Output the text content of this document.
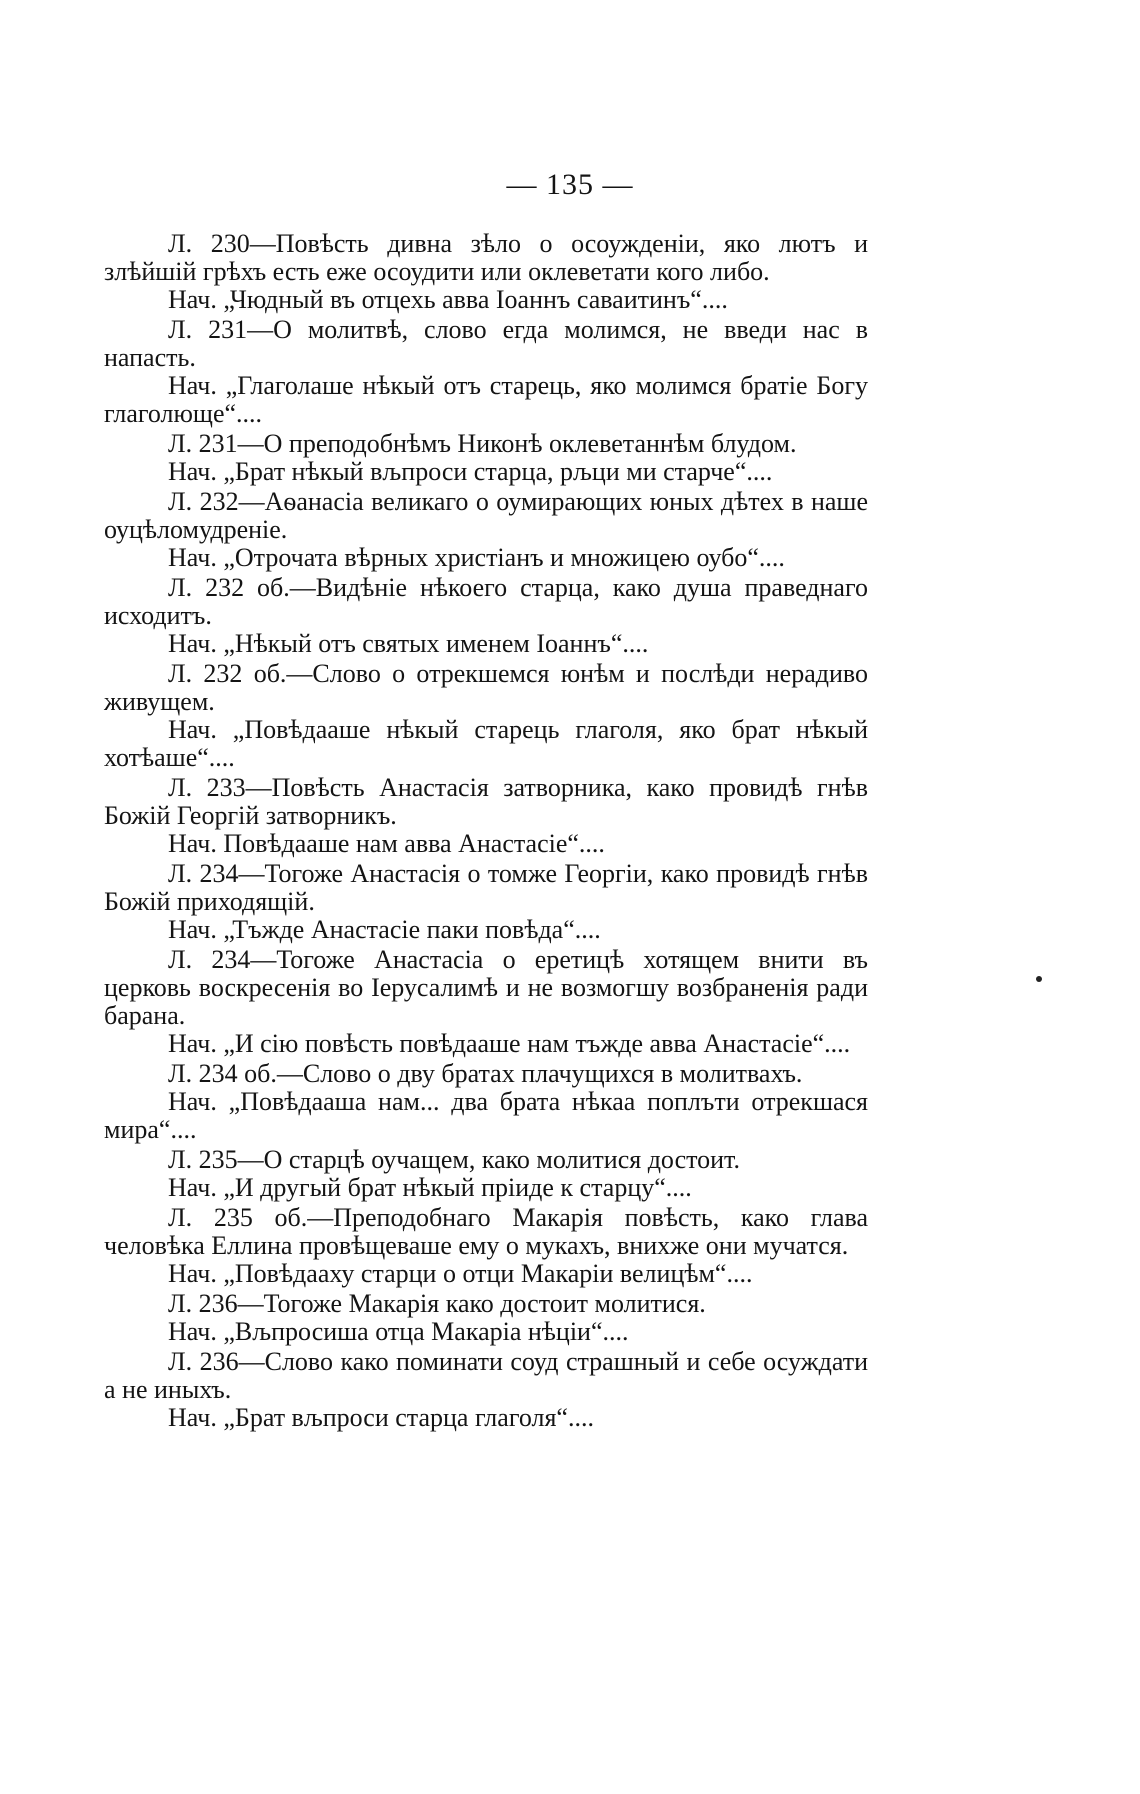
— 135 —

Л. 230—Повѣсть дивна зѣло о осоужденіи, яко лютъ и злѣйшій грѣхъ есть еже осоудити или оклеветати кого либо.

Нач. „Чюдный въ отцехь авва Іоаннъ саваитинъ“....

Л. 231—О молитвѣ, слово егда молимся, не введи нас в напасть.

Нач. „Глаголаше нѣкый отъ старець, яко молимся братіе Богу глаголюще“....

Л. 231—О преподобнѣмъ Никонѣ оклеветаннѣм блудом.

Нач. „Брат нѣкый вљпроси старца, рљци ми старче“....

Л. 232—Аѳанасіа великаго о оумирающих юных дѣтех в наше оуцѣломудреніе.

Нач. „Отрочата вѣрных христіанъ и множицею оубо“....

Л. 232 об.—Видѣніе нѣкоего старца, како душа праведнаго исходитъ.

Нач. „Нѣкый отъ святых именем Іоаннъ“....

Л. 232 об.—Слово о отрекшемся юнѣм и послѣди нерадиво живущем.

Нач. „Повѣдааше нѣкый старець глаголя, яко брат нѣкый хотѣаше“....

Л. 233—Повѣсть Анастасія затворника, како провидѣ гнѣв Божій Георгій затворникъ.

Нач. Повѣдааше нам авва Анастасіе“....

Л. 234—Тогоже Анастасія о томже Георгіи, како провидѣ гнѣв Божій приходящій.

Нач. „Тъжде Анастасіе паки повѣда“....

Л. 234—Тогоже Анастасіа о еретицѣ хотящем внити въ церковь воскресенія во Іерусалимѣ и не возмогшу возбраненія ради барана.

Нач. „И сію повѣсть повѣдааше нам тъжде авва Анастасіе“....

Л. 234 об.—Слово о дву братах плачущихся в молитвахъ.

Нач. „Повѣдааша нам... два брата нѣкаа поплъти отрекшася мира“....

Л. 235—О старцѣ оучащем, како молитися достоит.

Нач. „И другый брат нѣкый пріиде к старцу“....

Л. 235 об.—Преподобнаго Макарія повѣсть, како глава человѣка Еллина провѣщеваше ему о мукахъ, внихже они мучатся.

Нач. „Повѣдааху старци о отци Макаріи велицѣм“....

Л. 236—Тогоже Макарія како достоит молитися.

Нач. „Вљпросиша отца Макаріа нѣціи“....

Л. 236—Слово како поминати соуд страшный и себе осуждати а не иныхъ.

Нач. „Брат вљпроси старца глаголя“....
